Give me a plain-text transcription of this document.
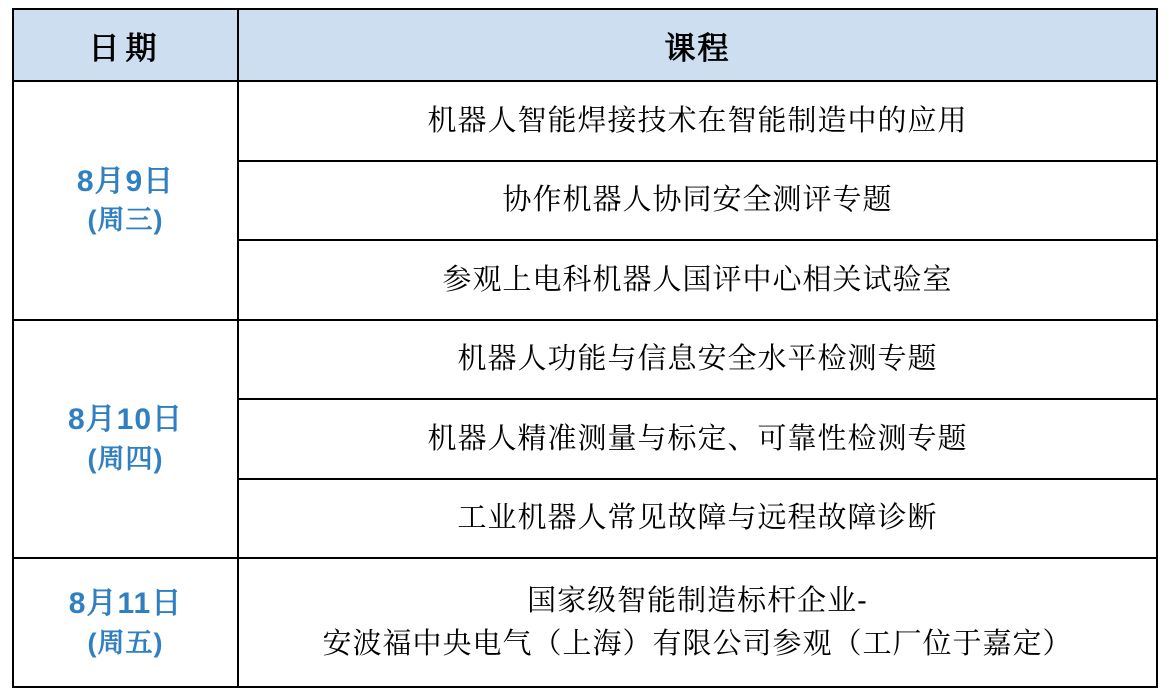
日期	课程

8月9日
(周三)	机器人智能焊接技术在智能制造中的应用

	协作机器人协同安全测评专题

	参观上电科机器人国评中心相关试验室

8月10日
(周四)	机器人功能与信息安全水平检测专题

	机器人精准测量与标定、可靠性检测专题

	工业机器人常见故障与远程故障诊断

8月11日
(周五)	国家级智能制造标杆企业-
安波福中央电气（上海）有限公司参观（工厂位于嘉定）
